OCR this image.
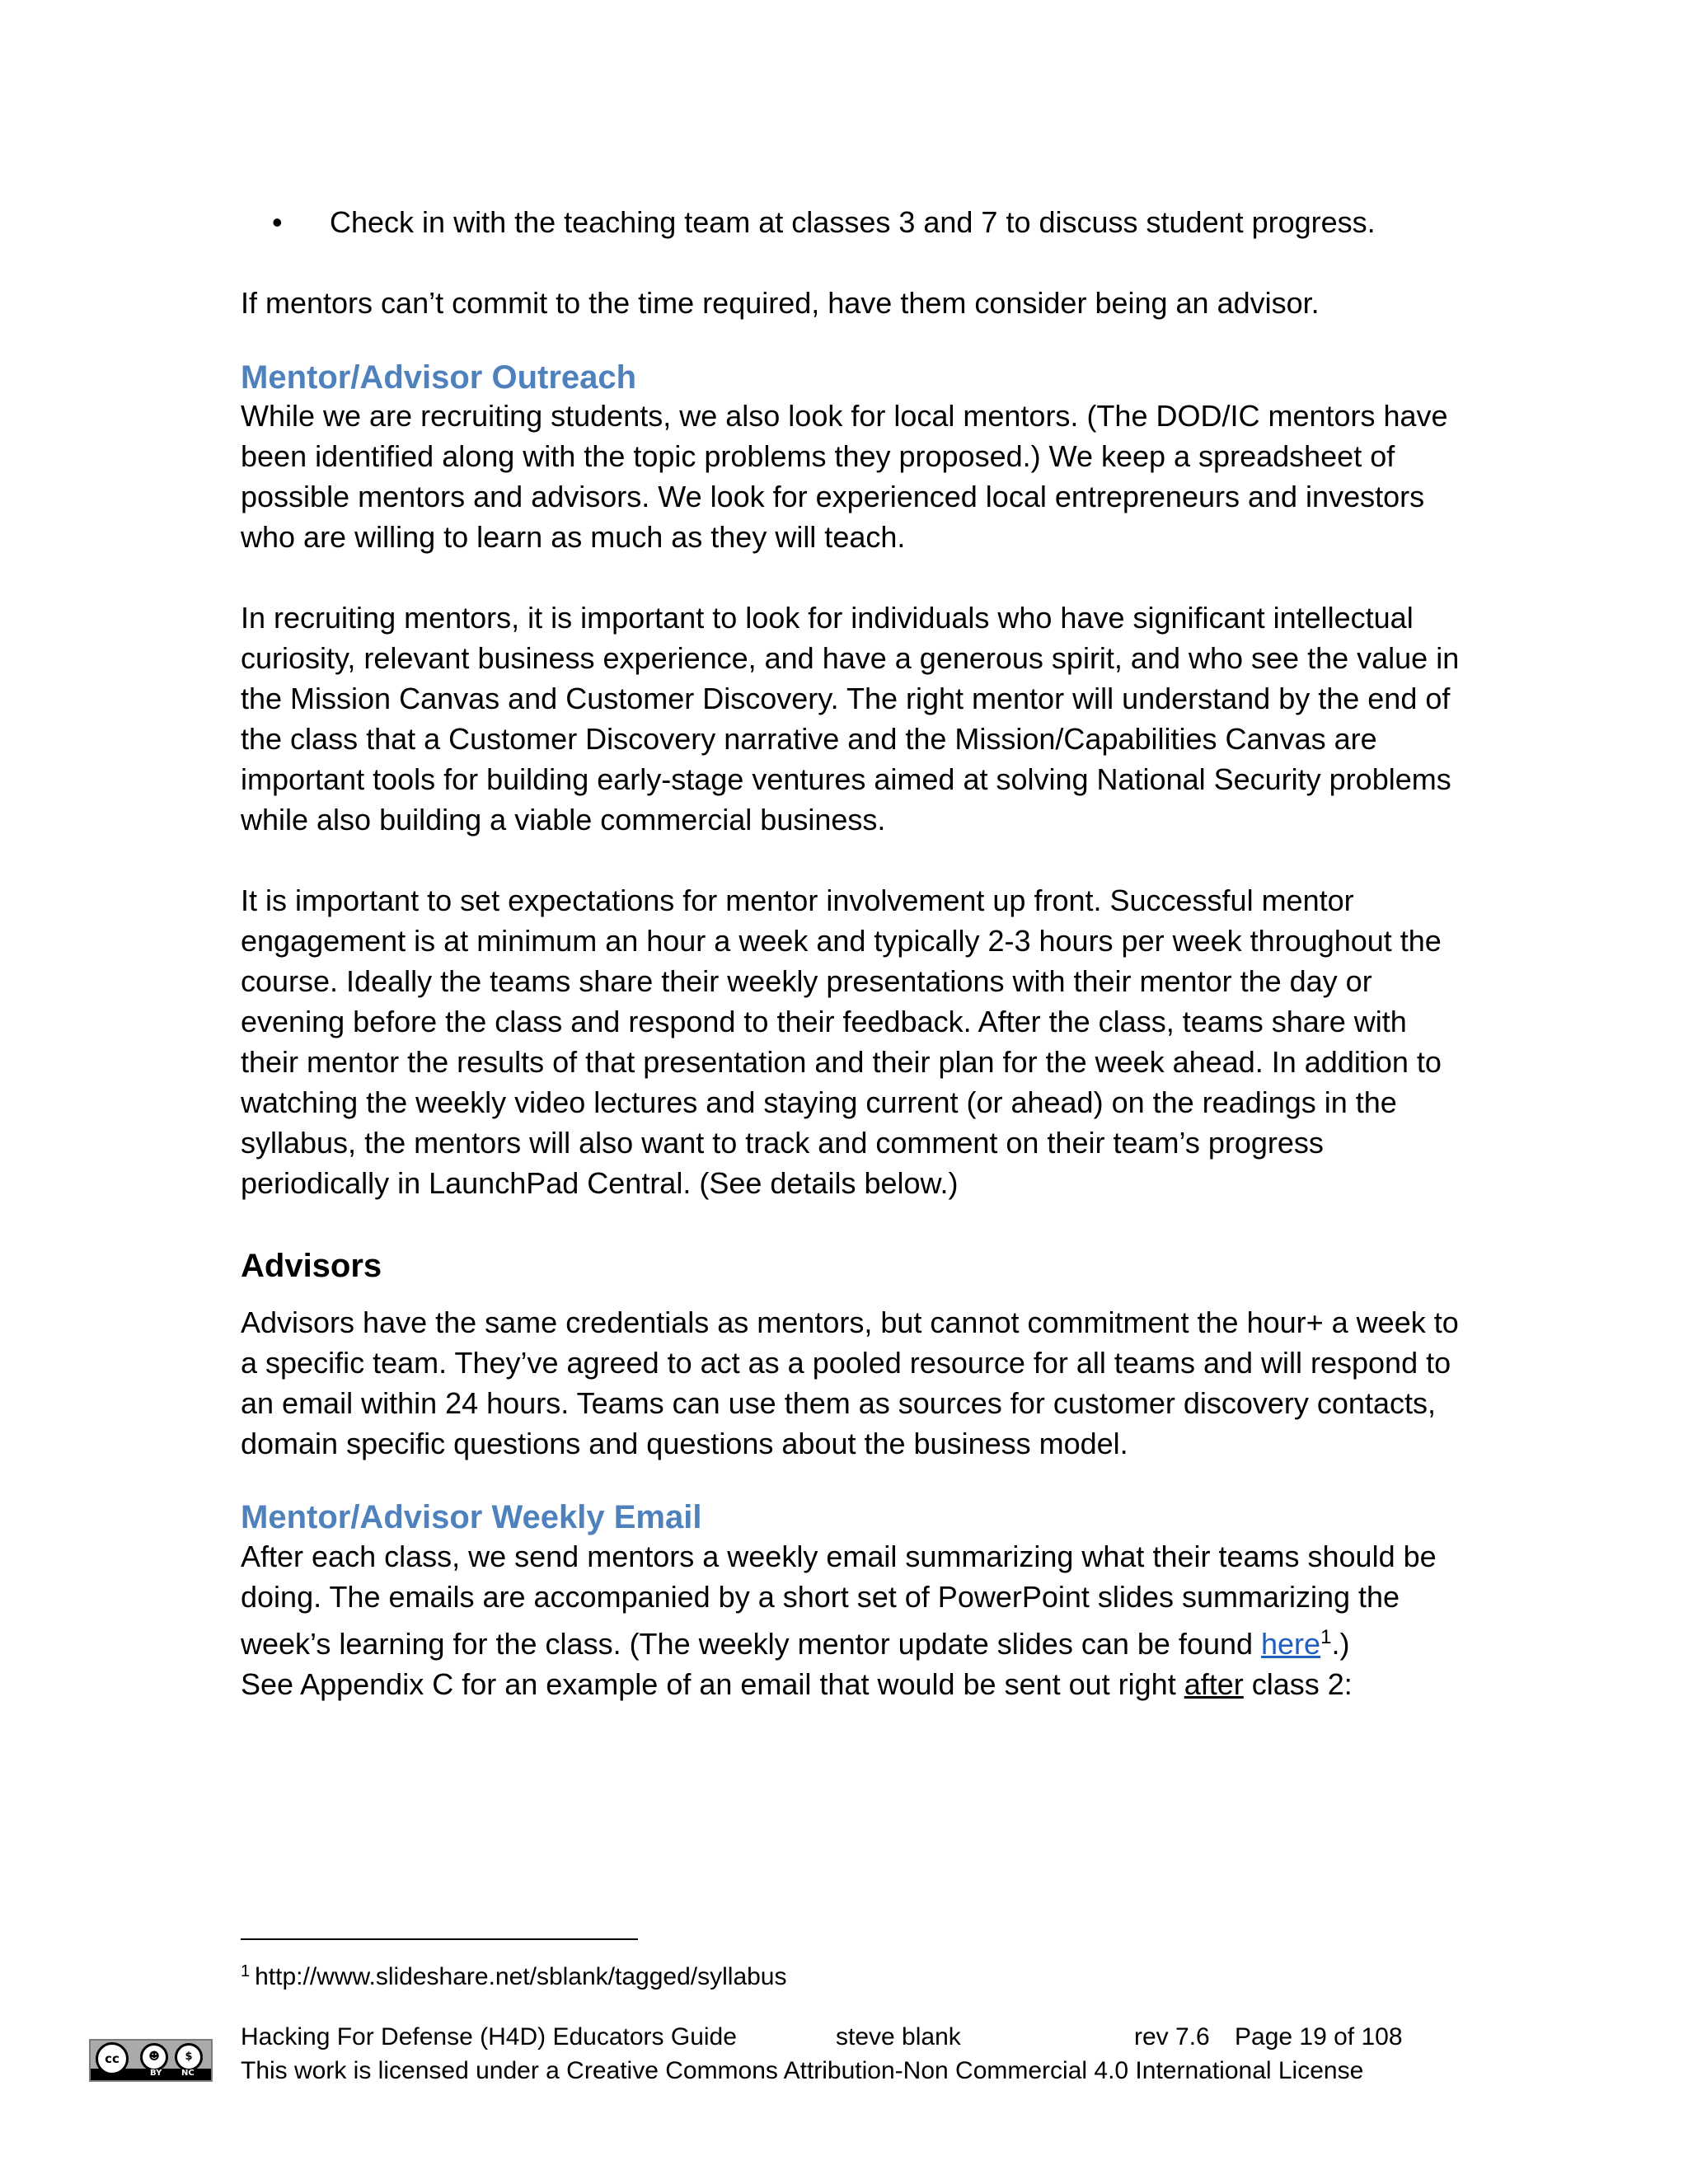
• Check in with the teaching team at classes 3 and 7 to discuss student progress.

If mentors can’t commit to the time required, have them consider being an advisor.

Mentor/Advisor Outreach

While we are recruiting students, we also look for local mentors. (The DOD/IC mentors have been identified along with the topic problems they proposed.) We keep a spreadsheet of possible mentors and advisors. We look for experienced local entrepreneurs and investors who are willing to learn as much as they will teach.

In recruiting mentors, it is important to look for individuals who have significant intellectual curiosity, relevant business experience, and have a generous spirit, and who see the value in the Mission Canvas and Customer Discovery. The right mentor will understand by the end of the class that a Customer Discovery narrative and the Mission/Capabilities Canvas are important tools for building early-stage ventures aimed at solving National Security problems while also building a viable commercial business.

It is important to set expectations for mentor involvement up front. Successful mentor engagement is at minimum an hour a week and typically 2-3 hours per week throughout the course. Ideally the teams share their weekly presentations with their mentor the day or evening before the class and respond to their feedback. After the class, teams share with their mentor the results of that presentation and their plan for the week ahead. In addition to watching the weekly video lectures and staying current (or ahead) on the readings in the syllabus, the mentors will also want to track and comment on their team’s progress periodically in LaunchPad Central. (See details below.)

Advisors

Advisors have the same credentials as mentors, but cannot commitment the hour+ a week to a specific team. They’ve agreed to act as a pooled resource for all teams and will respond to an email within 24 hours. Teams can use them as sources for customer discovery contacts, domain specific questions and questions about the business model.

Mentor/Advisor Weekly Email

After each class, we send mentors a weekly email summarizing what their teams should be doing. The emails are accompanied by a short set of PowerPoint slides summarizing the week’s learning for the class. (The weekly mentor update slides can be found here$^1$.)
See Appendix C for an example of an email that would be sent out right after class 2:

$^1$ http://www.slideshare.net/sblank/tagged/syllabus
cc	☻	$
BY NC
Hacking For Defense (H4D) Educators Guide	steve blank	rev 7.6 Page 19 of 108
This work is licensed under a Creative Commons Attribution-Non Commercial 4.0 International License
